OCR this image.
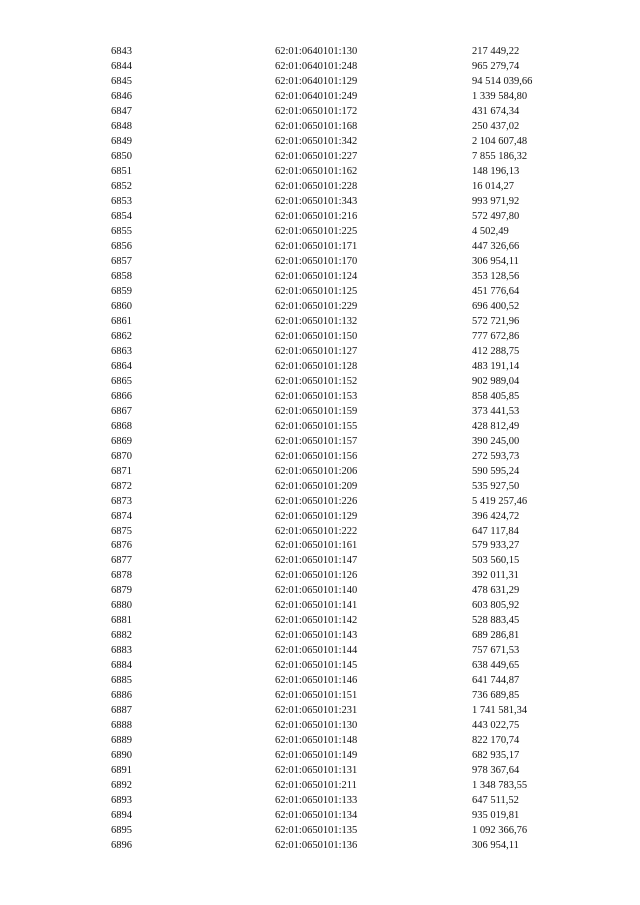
6843	62:01:0640101:130	217 449,22
6844	62:01:0640101:248	965 279,74
6845	62:01:0640101:129	94 514 039,66
6846	62:01:0640101:249	1 339 584,80
6847	62:01:0650101:172	431 674,34
6848	62:01:0650101:168	250 437,02
6849	62:01:0650101:342	2 104 607,48
6850	62:01:0650101:227	7 855 186,32
6851	62:01:0650101:162	148 196,13
6852	62:01:0650101:228	16 014,27
6853	62:01:0650101:343	993 971,92
6854	62:01:0650101:216	572 497,80
6855	62:01:0650101:225	4 502,49
6856	62:01:0650101:171	447 326,66
6857	62:01:0650101:170	306 954,11
6858	62:01:0650101:124	353 128,56
6859	62:01:0650101:125	451 776,64
6860	62:01:0650101:229	696 400,52
6861	62:01:0650101:132	572 721,96
6862	62:01:0650101:150	777 672,86
6863	62:01:0650101:127	412 288,75
6864	62:01:0650101:128	483 191,14
6865	62:01:0650101:152	902 989,04
6866	62:01:0650101:153	858 405,85
6867	62:01:0650101:159	373 441,53
6868	62:01:0650101:155	428 812,49
6869	62:01:0650101:157	390 245,00
6870	62:01:0650101:156	272 593,73
6871	62:01:0650101:206	590 595,24
6872	62:01:0650101:209	535 927,50
6873	62:01:0650101:226	5 419 257,46
6874	62:01:0650101:129	396 424,72
6875	62:01:0650101:222	647 117,84
6876	62:01:0650101:161	579 933,27
6877	62:01:0650101:147	503 560,15
6878	62:01:0650101:126	392 011,31
6879	62:01:0650101:140	478 631,29
6880	62:01:0650101:141	603 805,92
6881	62:01:0650101:142	528 883,45
6882	62:01:0650101:143	689 286,81
6883	62:01:0650101:144	757 671,53
6884	62:01:0650101:145	638 449,65
6885	62:01:0650101:146	641 744,87
6886	62:01:0650101:151	736 689,85
6887	62:01:0650101:231	1 741 581,34
6888	62:01:0650101:130	443 022,75
6889	62:01:0650101:148	822 170,74
6890	62:01:0650101:149	682 935,17
6891	62:01:0650101:131	978 367,64
6892	62:01:0650101:211	1 348 783,55
6893	62:01:0650101:133	647 511,52
6894	62:01:0650101:134	935 019,81
6895	62:01:0650101:135	1 092 366,76
6896	62:01:0650101:136	306 954,11
